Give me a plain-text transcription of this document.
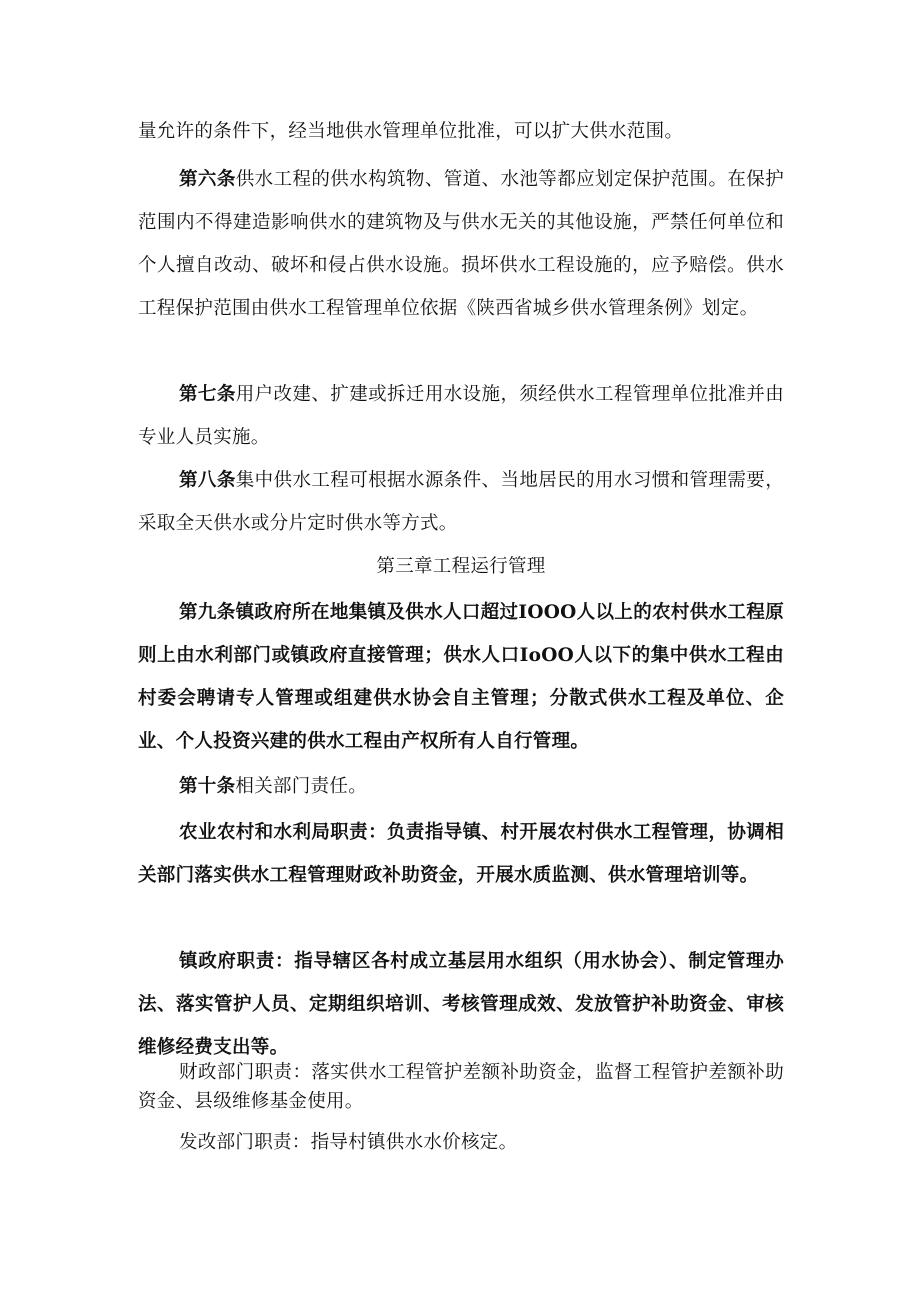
量允许的条件下，经当地供水管理单位批准，可以扩大供水范围。

第六条供水工程的供水构筑物、管道、水池等都应划定保护范围。在保护范围内不得建造影响供水的建筑物及与供水无关的其他设施，严禁任何单位和个人擅自改动、破坏和侵占供水设施。损坏供水工程设施的，应予赔偿。供水工程保护范围由供水工程管理单位依据《陕西省城乡供水管理条例》划定。

第七条用户改建、扩建或拆迁用水设施，须经供水工程管理单位批准并由专业人员实施。

第八条集中供水工程可根据水源条件、当地居民的用水习惯和管理需要，采取全天供水或分片定时供水等方式。

第三章工程运行管理

第九条镇政府所在地集镇及供水人口超过IOOO人以上的农村供水工程原则上由水利部门或镇政府直接管理；供水人口IoOO人以下的集中供水工程由村委会聘请专人管理或组建供水协会自主管理；分散式供水工程及单位、企业、个人投资兴建的供水工程由产权所有人自行管理。

第十条相关部门责任。

农业农村和水利局职责：负责指导镇、村开展农村供水工程管理，协调相关部门落实供水工程管理财政补助资金，开展水质监测、供水管理培训等。

镇政府职责：指导辖区各村成立基层用水组织（用水协会）、制定管理办法、落实管护人员、定期组织培训、考核管理成效、发放管护补助资金、审核维修经费支出等。

财政部门职责：落实供水工程管护差额补助资金，监督工程管护差额补助资金、县级维修基金使用。

发改部门职责：指导村镇供水水价核定。
